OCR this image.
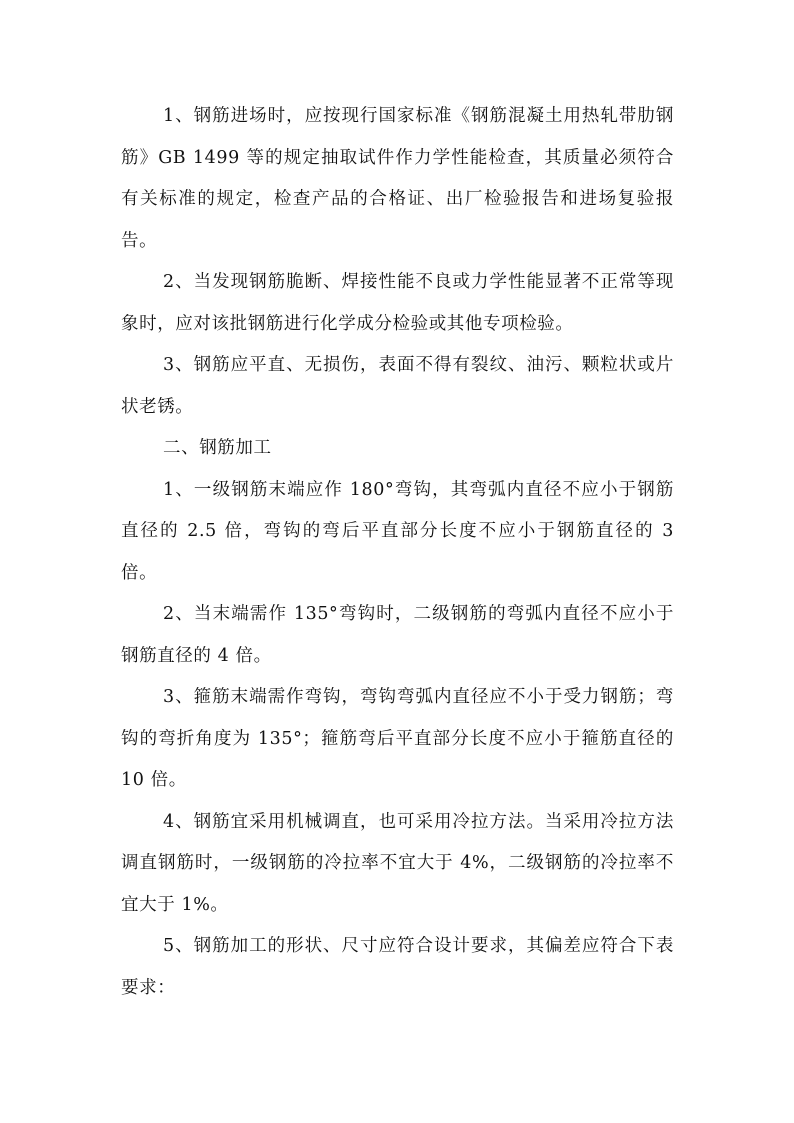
1、钢筋进场时，应按现行国家标准《钢筋混凝土用热轧带肋钢筋》GB 1499 等的规定抽取试件作力学性能检查，其质量必须符合有关标准的规定，检查产品的合格证、出厂检验报告和进场复验报告。

2、当发现钢筋脆断、焊接性能不良或力学性能显著不正常等现象时，应对该批钢筋进行化学成分检验或其他专项检验。

3、钢筋应平直、无损伤，表面不得有裂纹、油污、颗粒状或片状老锈。

二、钢筋加工

1、一级钢筋末端应作 180°弯钩，其弯弧内直径不应小于钢筋直径的 2.5 倍，弯钩的弯后平直部分长度不应小于钢筋直径的 3 倍。

2、当末端需作 135°弯钩时，二级钢筋的弯弧内直径不应小于钢筋直径的 4 倍。

3、箍筋末端需作弯钩，弯钩弯弧内直径应不小于受力钢筋；弯钩的弯折角度为 135°；箍筋弯后平直部分长度不应小于箍筋直径的 10 倍。

4、钢筋宜采用机械调直，也可采用冷拉方法。当采用冷拉方法调直钢筋时，一级钢筋的冷拉率不宜大于 4%，二级钢筋的冷拉率不宜大于 1%。

5、钢筋加工的形状、尺寸应符合设计要求，其偏差应符合下表要求：
